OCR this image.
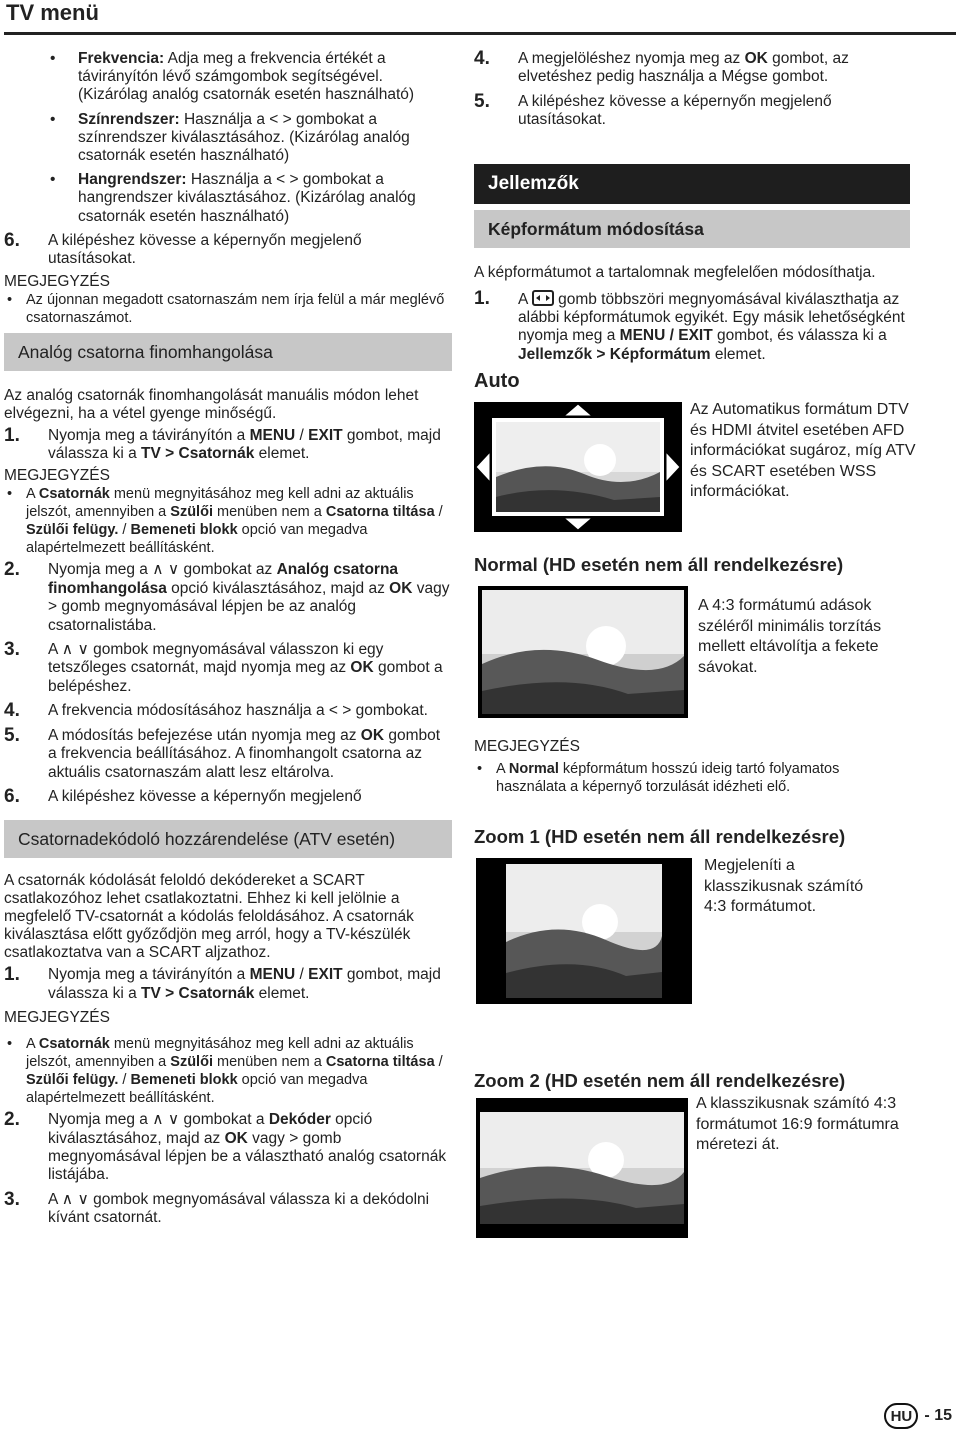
TV menü
• Frekvencia: Adja meg a frekvencia értékét a távirányítón lévő számgombok segítségével. (Kizárólag analóg csatornák esetén használható)
• Színrendszer: Használja a < > gombokat a színrendszer kiválasztásához. (Kizárólag analóg csatornák esetén használható)
• Hangrendszer: Használja a < > gombokat a hangrendszer kiválasztásához. (Kizárólag analóg csatornák esetén használható)
6. A kilépéshez kövesse a képernyőn megjelenő utasításokat.

MEGJEGYZÉS

• Az újonnan megadott csatornaszám nem írja felül a már meglévő csatornaszámot.

Analóg csatorna finomhangolása

Az analóg csatornák finomhangolását manuális módon lehet elvégezni, ha a vétel gyenge minőségű.

1. Nyomja meg a távirányítón a MENU / EXIT gombot, majd válassza ki a TV > Csatornák elemet.

MEGJEGYZÉS

• A Csatornák menü megnyitásához meg kell adni az aktuális jelszót, amennyiben a Szülői menüben nem a Csatorna tiltása / Szülői felügy. / Bemeneti blokk opció van megadva alapértelmezett beállításként.

2. Nyomja meg a ∧ ∨ gombokat az Analóg csatorna finomhangolása opció kiválasztásához, majd az OK vagy > gomb megnyomásával lépjen be az analóg csatornalistába.
3. A ∧ ∨ gombok megnyomásával válasszon ki egy tetszőleges csatornát, majd nyomja meg az OK gombot a belépéshez.
4. A frekvencia módosításához használja a < > gombokat.
5. A módosítás befejezése után nyomja meg az OK gombot a frekvencia beállításához. A finomhangolt csatorna az aktuális csatornaszám alatt lesz eltárolva.
6. A kilépéshez kövesse a képernyőn megjelenő
Csatornadekódoló hozzárendelése (ATV esetén)

A csatornák kódolását feloldó dekódereket a SCART csatlakozóhoz lehet csatlakoztatni. Ehhez ki kell jelölnie a megfelelő TV-csatornát a kódolás feloldásához. A csatornák kiválasztása előtt győződjön meg arról, hogy a TV-készülék csatlakoztatva van a SCART aljzathoz.

1. Nyomja meg a távirányítón a MENU / EXIT gombot, majd válassza ki a TV > Csatornák elemet.

MEGJEGYZÉS

• A Csatornák menü megnyitásához meg kell adni az aktuális jelszót, amennyiben a Szülői menüben nem a Csatorna tiltása / Szülői felügy. / Bemeneti blokk opció van megadva alapértelmezett beállításként.

2. Nyomja meg a ∧ ∨ gombokat a Dekóder opció kiválasztásához, majd az OK vagy > gomb megnyomásával lépjen be a választható analóg csatornák listájába.
3. A ∧ ∨ gombok megnyomásával válassza ki a dekódolni kívánt csatornát.
4. A megjelöléshez nyomja meg az OK gombot, az elvetéshez pedig használja a Mégse gombot.
5. A kilépéshez kövesse a képernyőn megjelenő utasításokat.
Jellemzők
Képformátum módosítása

A képformátumot a tartalomnak megfelelően módosíthatja.

1. A  gomb többszöri megnyomásával kiválaszthatja az alábbi képformátumok egyikét. Egy másik lehetőségként nyomja meg a MENU / EXIT gombot, és válassza ki a Jellemzők > Képformátum elemet.
Auto

Az Automatikus formátum DTV és HDMI átvitel esetében AFD információkat sugároz, míg ATV és SCART esetében WSS információkat.

Normal (HD esetén nem áll rendelkezésre)

A 4:3 formátumú adások széléről minimális torzítás mellett eltávolítja a fekete sávokat.

MEGJEGYZÉS

• A Normal képformátum hosszú ideig tartó folyamatos használata a képernyő torzulását idézheti elő.

Zoom 1 (HD esetén nem áll rendelkezésre)

Megjeleníti a klasszikusnak számító 4:3 formátumot.

Zoom 2 (HD esetén nem áll rendelkezésre)

A klasszikusnak számító 4:3 formátumot 16:9 formátumra méretezi át.

HU - 15
